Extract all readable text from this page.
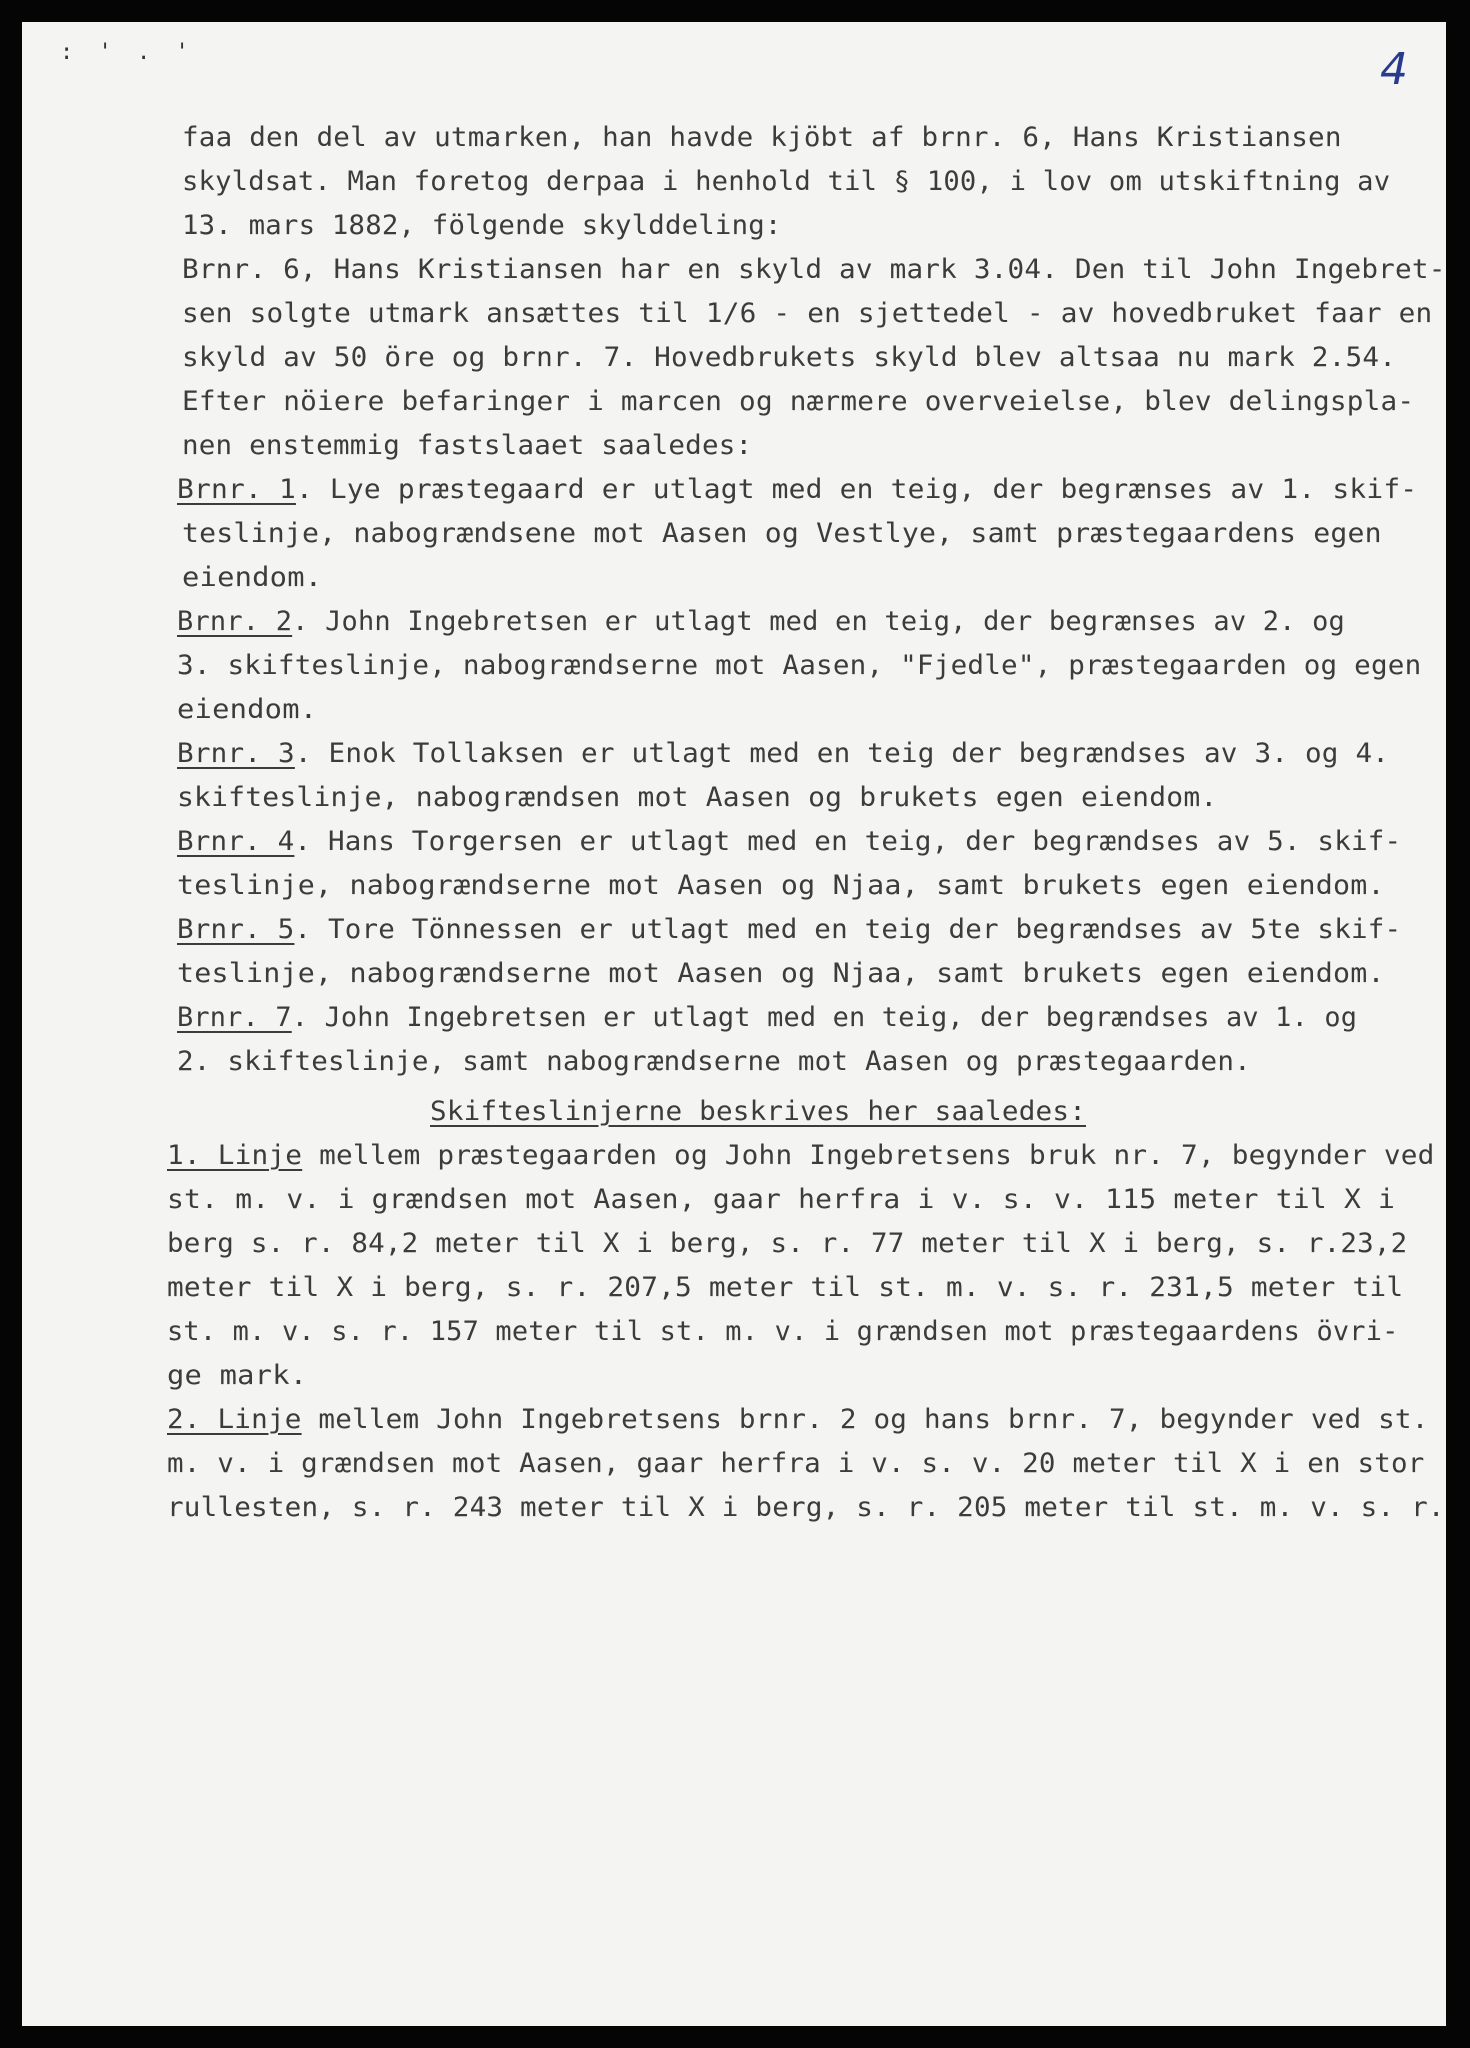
: ' . '	4
faa den del av utmarken, han havde kjöbt af brnr. 6, Hans Kristiansen
skyldsat. Man foretog derpaa i henhold til § 100, i lov om utskiftning av
13. mars 1882, fölgende skylddeling:
Brnr. 6, Hans Kristiansen har en skyld av mark 3.04. Den til John Ingebret-
sen solgte utmark ansættes til 1/6 - en sjettedel - av hovedbruket faar en
skyld av 50 öre og brnr. 7. Hovedbrukets skyld blev altsaa nu mark 2.54.
Efter nöiere befaringer i marcen og nærmere overveielse, blev delingspla-
nen enstemmig fastslaaet saaledes:
Brnr. 1. Lye præstegaard er utlagt med en teig, der begrænses av 1. skif-
teslinje, nabogrændsene mot Aasen og Vestlye, samt præstegaardens egen
eiendom.
Brnr. 2. John Ingebretsen er utlagt med en teig, der begrænses av 2. og
3. skifteslinje, nabogrændserne mot Aasen, "Fjedle", præstegaarden og egen
eiendom.
Brnr. 3. Enok Tollaksen er utlagt med en teig der begrændses av 3. og 4.
skifteslinje, nabogrændsen mot Aasen og brukets egen eiendom.
Brnr. 4. Hans Torgersen er utlagt med en teig, der begrændses av 5. skif-
teslinje, nabogrændserne mot Aasen og Njaa, samt brukets egen eiendom.
Brnr. 5. Tore Tönnessen er utlagt med en teig der begrændses av 5te skif-
teslinje, nabogrændserne mot Aasen og Njaa, samt brukets egen eiendom.
Brnr. 7. John Ingebretsen er utlagt med en teig, der begrændses av 1. og
2. skifteslinje, samt nabogrændserne mot Aasen og præstegaarden.
Skifteslinjerne beskrives her saaledes:
1. Linje mellem præstegaarden og John Ingebretsens bruk nr. 7, begynder ved
st. m. v. i grændsen mot Aasen, gaar herfra i v. s. v. 115 meter til X i
berg s. r. 84,2 meter til X i berg, s. r. 77 meter til X i berg, s. r.23,2
meter til X i berg, s. r. 207,5 meter til st. m. v. s. r. 231,5 meter til
st. m. v. s. r. 157 meter til st. m. v. i grændsen mot præstegaardens övri-
ge mark.
2. Linje mellem John Ingebretsens brnr. 2 og hans brnr. 7, begynder ved st.
m. v. i grændsen mot Aasen, gaar herfra i v. s. v. 20 meter til X i en stor
rullesten, s. r. 243 meter til X i berg, s. r. 205 meter til st. m. v. s. r.
